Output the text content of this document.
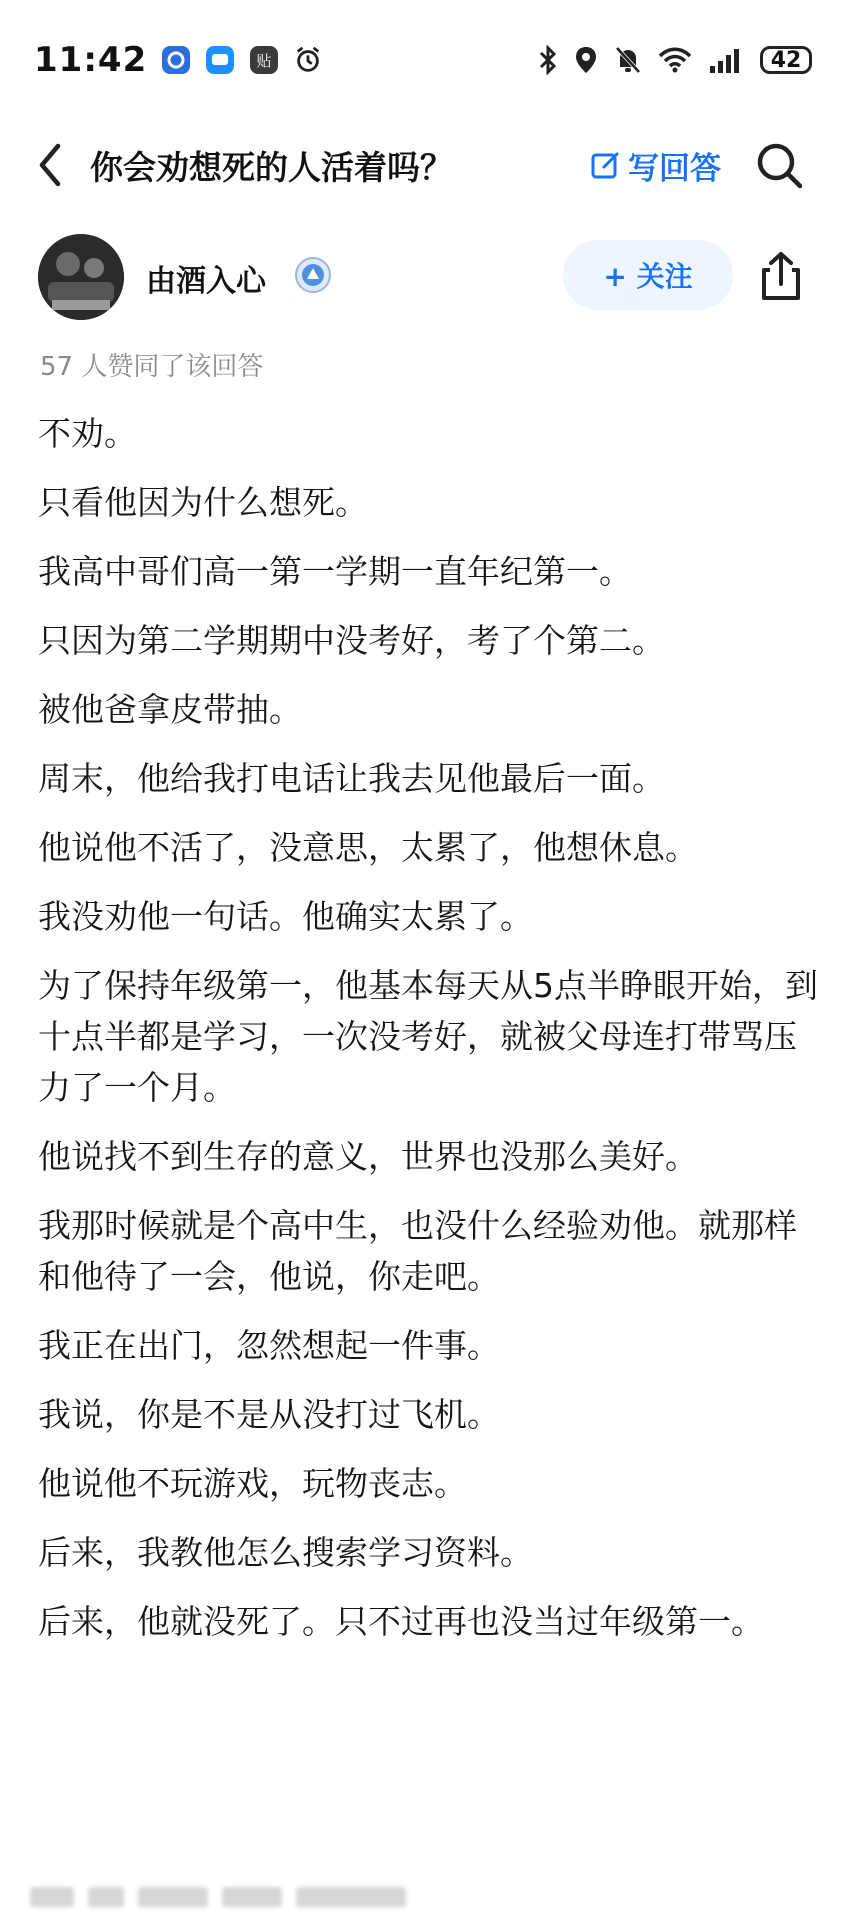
11:42	贴	42
你会劝想死的人活着吗？	写回答
由酒入心	+ 关注
57 人赞同了该回答

不劝。

只看他因为什么想死。

我高中哥们高一第一学期一直年纪第一。

只因为第二学期期中没考好，考了个第二。

被他爸拿皮带抽。

周末，他给我打电话让我去见他最后一面。

他说他不活了，没意思，太累了，他想休息。

我没劝他一句话。他确实太累了。

为了保持年级第一，他基本每天从5点半睁眼开始，到十点半都是学习，一次没考好，就被父母连打带骂压力了一个月。

他说找不到生存的意义，世界也没那么美好。

我那时候就是个高中生，也没什么经验劝他。就那样和他待了一会，他说，你走吧。

我正在出门，忽然想起一件事。

我说，你是不是从没打过飞机。

他说他不玩游戏，玩物丧志。

后来，我教他怎么搜索学习资料。

后来，他就没死了。只不过再也没当过年级第一。
